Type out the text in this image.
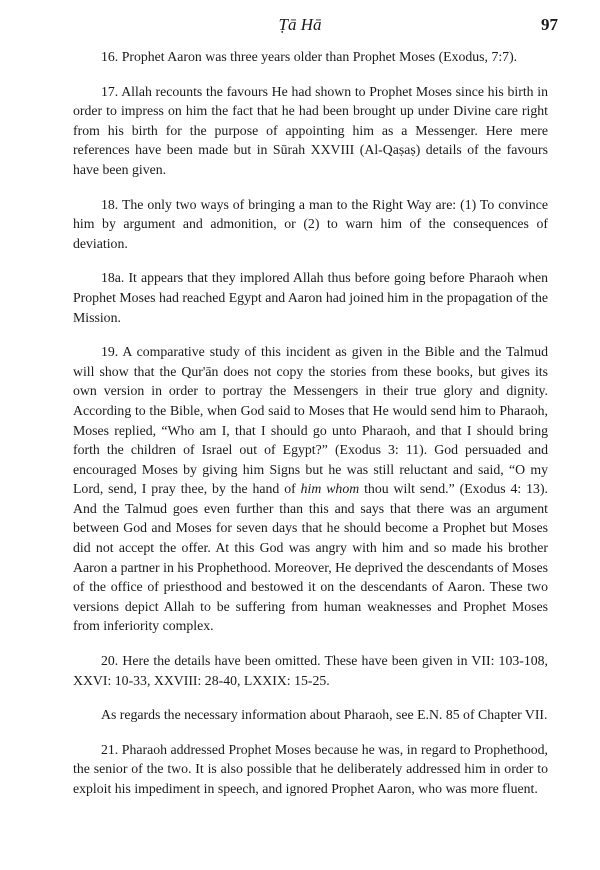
Ṭā Hā	97

16. Prophet Aaron was three years older than Prophet Moses (Exodus, 7:7).

17. Allah recounts the favours He had shown to Prophet Moses since his birth in order to impress on him the fact that he had been brought up under Divine care right from his birth for the purpose of appointing him as a Messenger. Here mere references have been made but in Sūrah XXVIII (Al-Qaṣaṣ) details of the favours have been given.

18. The only two ways of bringing a man to the Right Way are: (1) To convince him by argument and admonition, or (2) to warn him of the consequences of deviation.

18a. It appears that they implored Allah thus before going before Pharaoh when Prophet Moses had reached Egypt and Aaron had joined him in the propagation of the Mission.

19. A comparative study of this incident as given in the Bible and the Talmud will show that the Qur'ān does not copy the stories from these books, but gives its own version in order to portray the Messengers in their true glory and dignity. According to the Bible, when God said to Moses that He would send him to Pharaoh, Moses replied, “Who am I, that I should go unto Pharaoh, and that I should bring forth the children of Israel out of Egypt?” (Exodus 3: 11). God persuaded and encouraged Moses by giving him Signs but he was still reluctant and said, “O my Lord, send, I pray thee, by the hand of him whom thou wilt send.” (Exodus 4: 13). And the Talmud goes even further than this and says that there was an argument between God and Moses for seven days that he should become a Prophet but Moses did not accept the offer. At this God was angry with him and so made his brother Aaron a partner in his Prophethood. Moreover, He deprived the descendants of Moses of the office of priesthood and bestowed it on the descendants of Aaron. These two versions depict Allah to be suffering from human weaknesses and Prophet Moses from inferiority complex.

20. Here the details have been omitted. These have been given in VII: 103-108, XXVI: 10-33, XXVIII: 28-40, LXXIX: 15-25.

As regards the necessary information about Pharaoh, see E.N. 85 of Chapter VII.

21. Pharaoh addressed Prophet Moses because he was, in regard to Prophethood, the senior of the two. It is also possible that he deliberately addressed him in order to exploit his impediment in speech, and ignored Prophet Aaron, who was more fluent.
